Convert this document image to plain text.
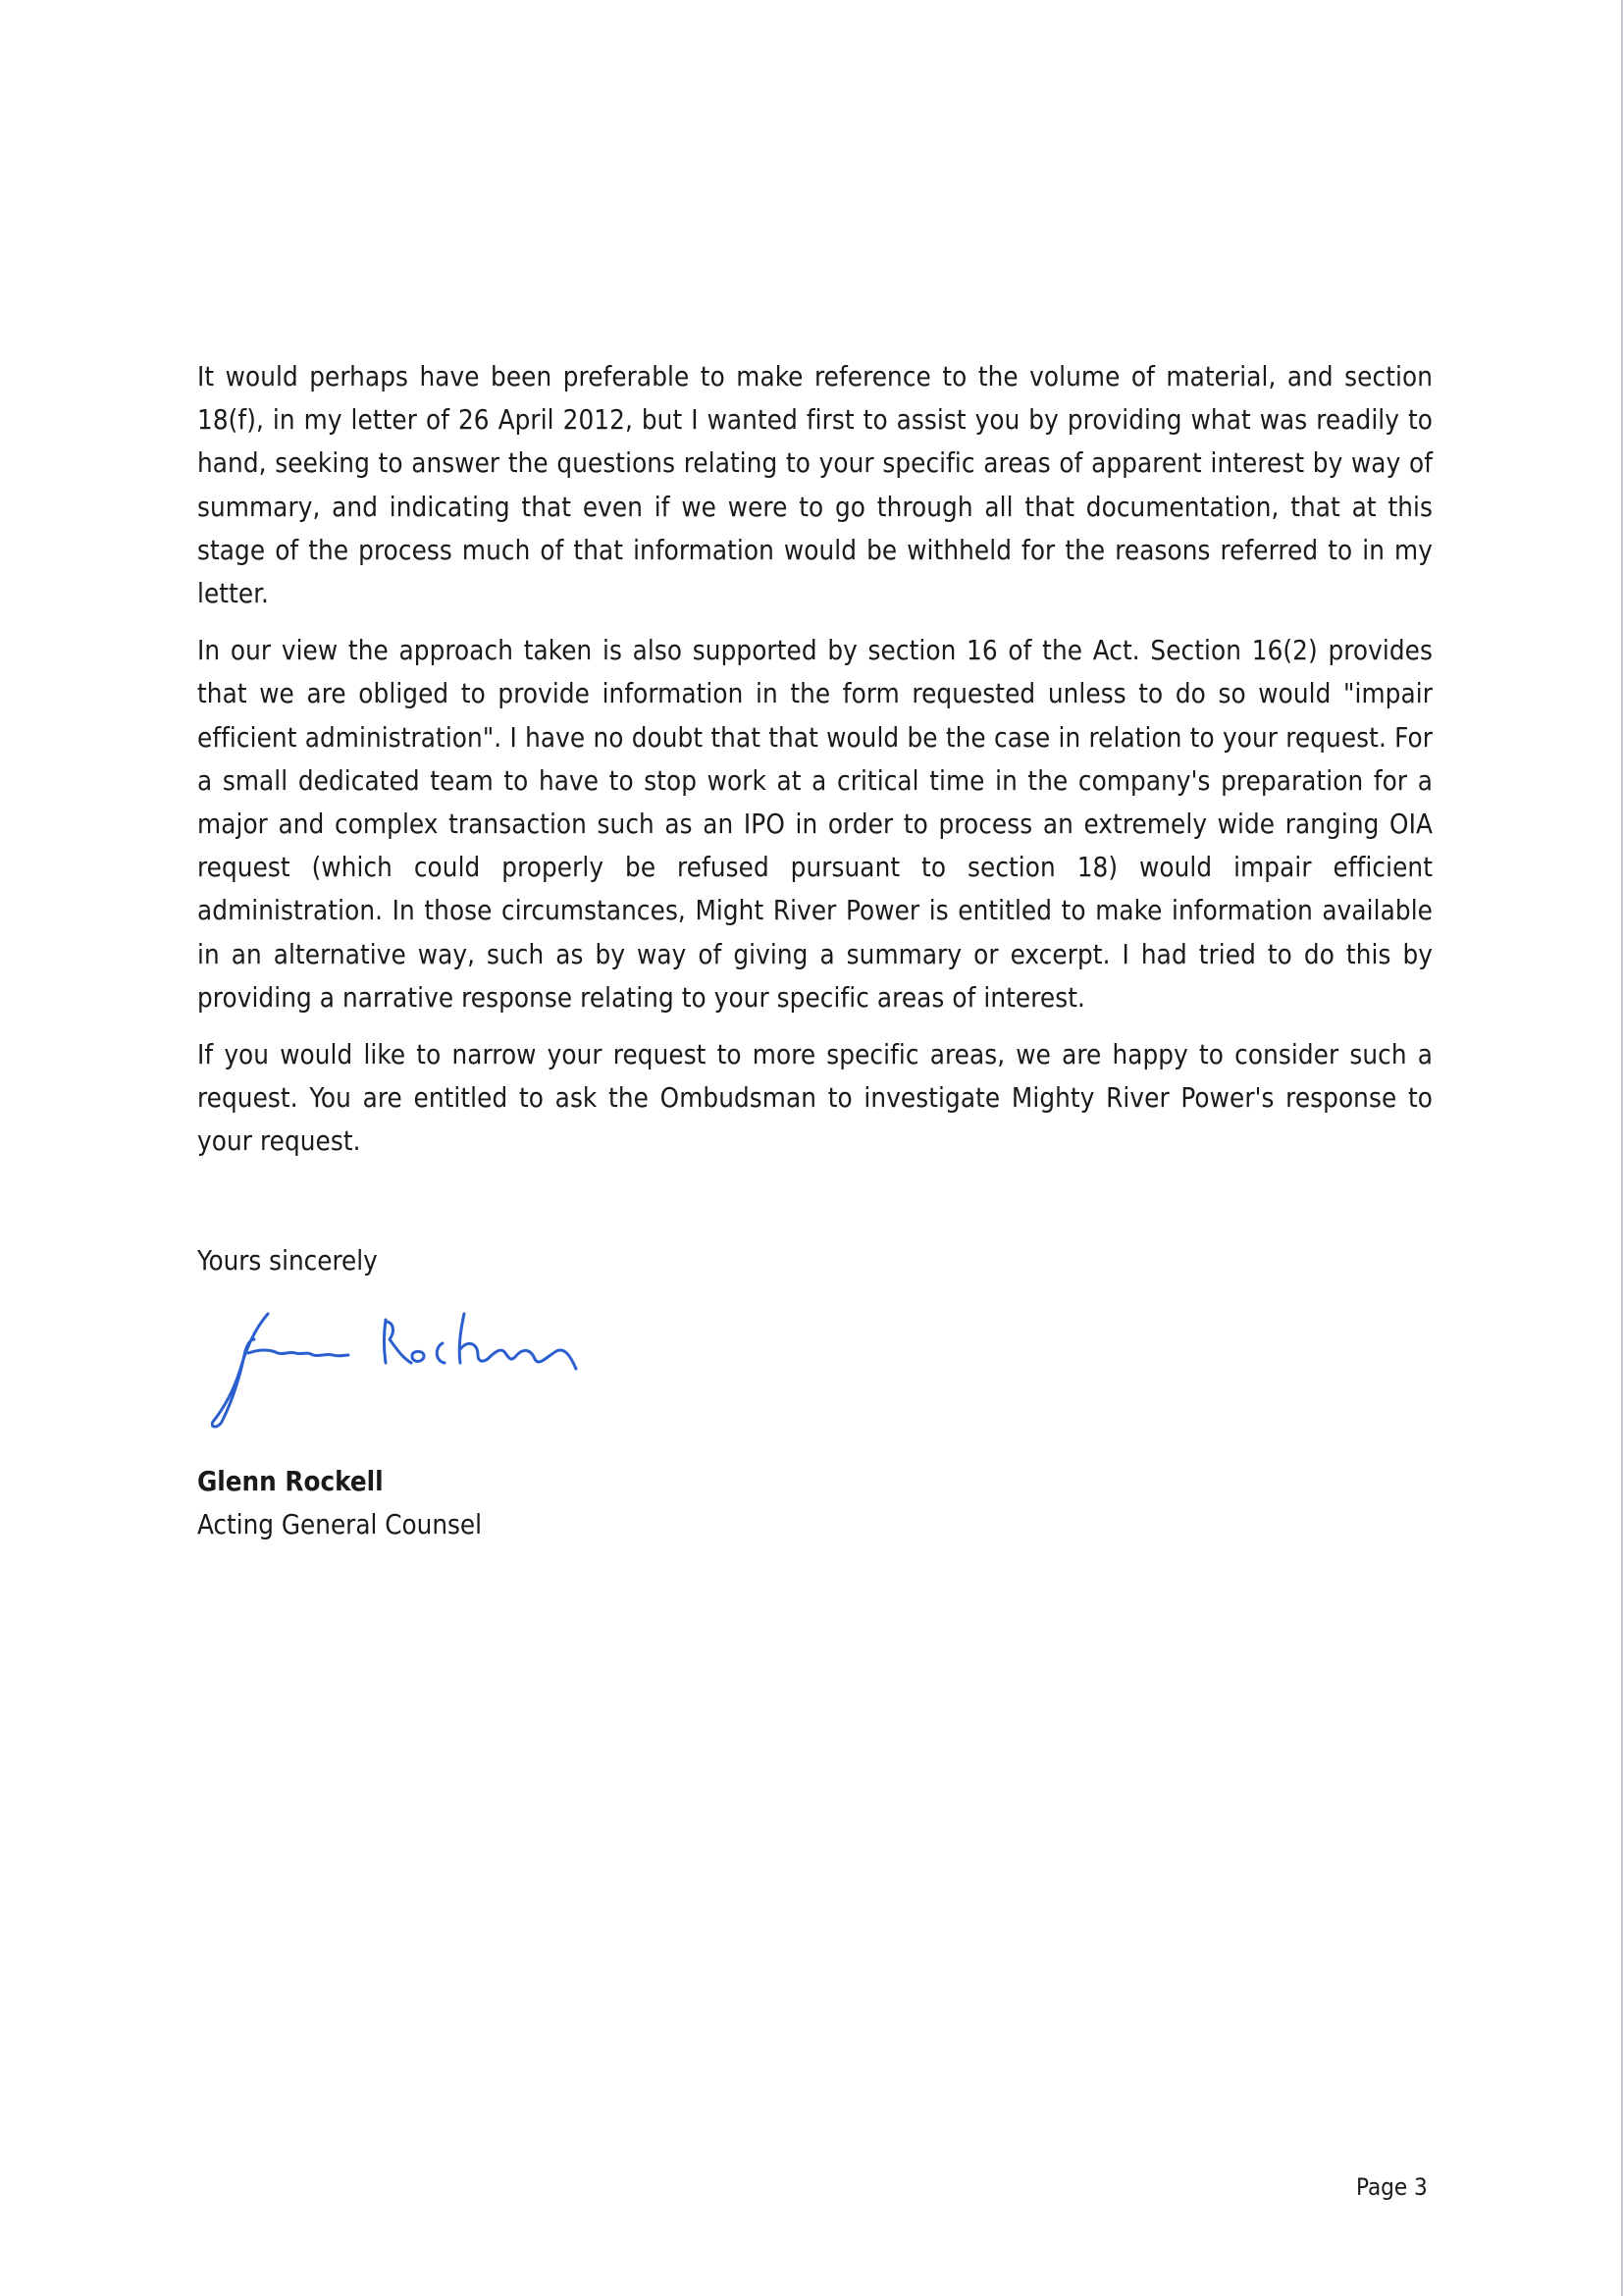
It would perhaps have been preferable to make reference to the volume of material, and section 18(f), in my letter of 26 April 2012, but I wanted first to assist you by providing what was readily to hand, seeking to answer the questions relating to your specific areas of apparent interest by way of summary, and indicating that even if we were to go through all that documentation, that at this stage of the process much of that information would be withheld for the reasons referred to in my letter.

In our view the approach taken is also supported by section 16 of the Act. Section 16(2) provides that we are obliged to provide information in the form requested unless to do so would "impair efficient administration". I have no doubt that that would be the case in relation to your request. For a small dedicated team to have to stop work at a critical time in the company's preparation for a major and complex transaction such as an IPO in order to process an extremely wide ranging OIA request (which could properly be refused pursuant to section 18) would impair efficient administration. In those circumstances, Might River Power is entitled to make information available in an alternative way, such as by way of giving a summary or excerpt. I had tried to do this by providing a narrative response relating to your specific areas of interest.

If you would like to narrow your request to more specific areas, we are happy to consider such a request. You are entitled to ask the Ombudsman to investigate Mighty River Power's response to your request.

Yours sincerely
Glenn Rockell
Acting General Counsel
Page 3
